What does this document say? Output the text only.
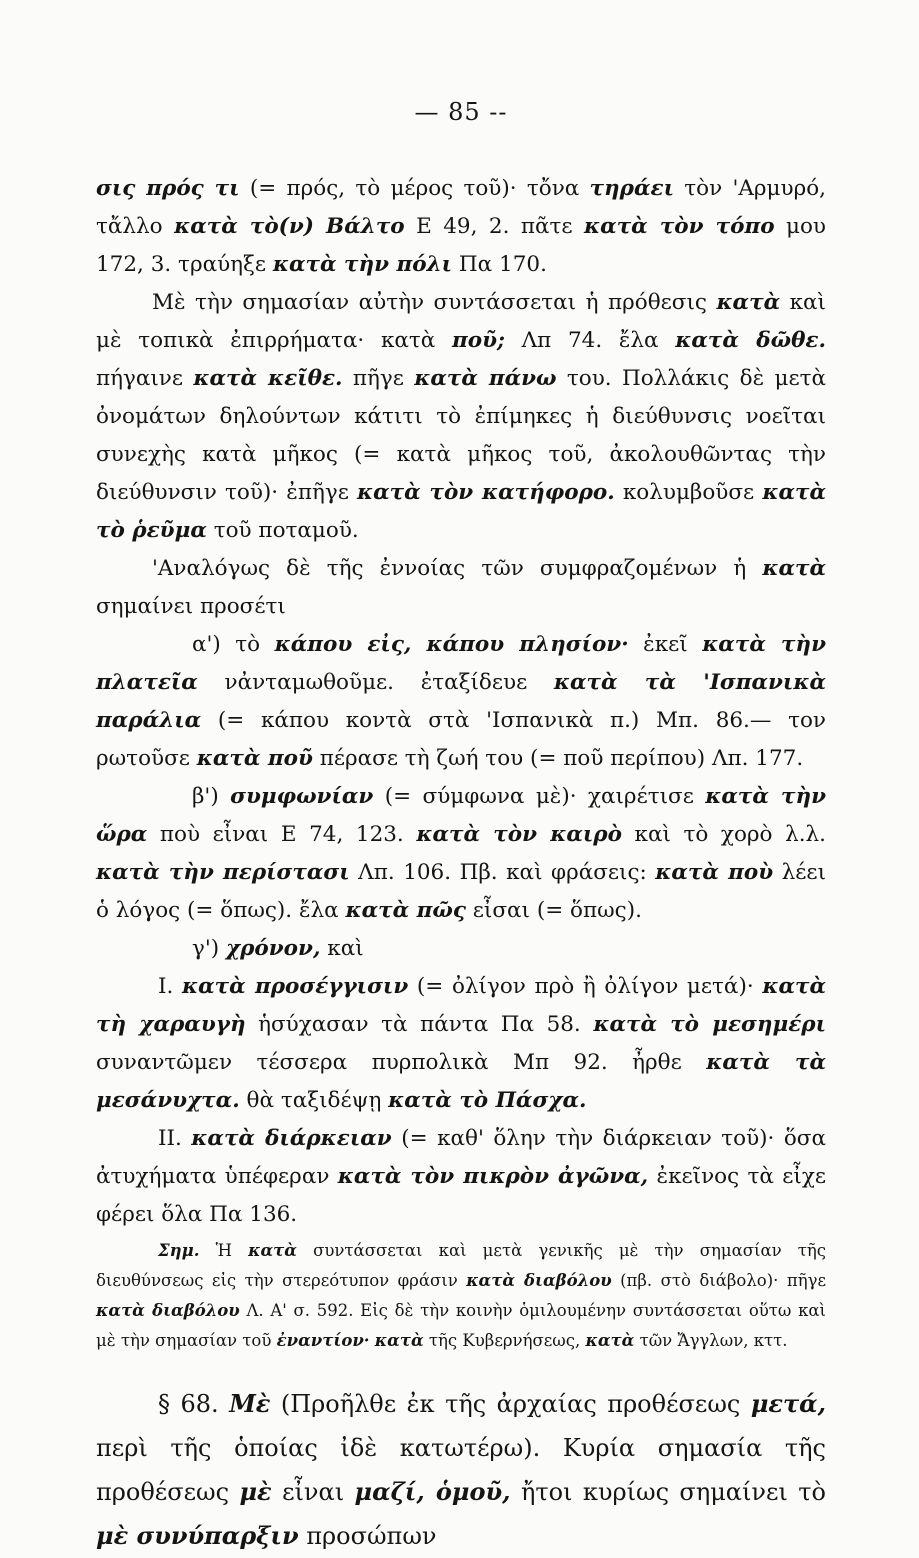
— 85 --

σις πρός τι (= πρός, τὸ μέρος τοῦ)· τὄνα τηράει τὸν 'Αρμυρό, τἄλλο κατὰ τὸ(ν) Βάλτο Ε 49, 2. πᾶτε κατὰ τὸν τόπο μου 172, 3. τραύηξε κατὰ τὴν πόλι Πα 170.

Μὲ τὴν σημασίαν αὐτὴν συντάσσεται ἡ πρόθεσις κατὰ καὶ μὲ τοπικὰ ἐπιρρήματα· κατὰ ποῦ; Λπ 74. ἔλα κατὰ δῶθε. πήγαινε κατὰ κεῖθε. πῆγε κατὰ πάνω του. Πολλάκις δὲ μετὰ ὀνομάτων δηλούντων κάτιτι τὸ ἐπίμηκες ἡ διεύθυνσις νοεῖται συνεχὴς κατὰ μῆκος (= κατὰ μῆκος τοῦ, ἀκολουθῶντας τὴν διεύθυνσιν τοῦ)· ἐπῆγε κατὰ τὸν κατήφορο. κολυμβοῦσε κατὰ τὸ ῥεῦμα τοῦ ποταμοῦ.

'Αναλόγως δὲ τῆς ἐννοίας τῶν συμφραζομένων ἡ κατὰ σημαίνει προσέτι

α') τὸ κάπου εἰς, κάπου πλησίον· ἐκεῖ κατὰ τὴν πλατεῖα νἀνταμωθοῦμε. ἐταξίδευε κατὰ τὰ 'Ισπανικὰ παράλια (= κάπου κοντὰ στὰ 'Ισπανικὰ π.) Μπ. 86.— τον ρωτοῦσε κατὰ ποῦ πέρασε τὴ ζωή του (= ποῦ περίπου) Λπ. 177.

β') συμφωνίαν (= σύμφωνα μὲ)· χαιρέτισε κατὰ τὴν ὥρα ποὺ εἶναι Ε 74, 123. κατὰ τὸν καιρὸ καὶ τὸ χορὸ λ.λ. κατὰ τὴν περίστασι Λπ. 106. Πβ. καὶ φράσεις: κατὰ ποὺ λέει ὁ λόγος (= ὅπως). ἔλα κατὰ πῶς εἶσαι (= ὅπως).

γ') χρόνον, καὶ

I. κατὰ προσέγγισιν (= ὀλίγον πρὸ ἢ ὀλίγον μετά)· κατὰ τὴ χαραυγὴ ἡσύχασαν τὰ πάντα Πα 58. κατὰ τὸ μεσημέρι συναντῶμεν τέσσερα πυρπολικὰ Μπ 92. ἦρθε κατὰ τὰ μεσάνυχτα. θὰ ταξιδέψῃ κατὰ τὸ Πάσχα.

II. κατὰ διάρκειαν (= καθ' ὅλην τὴν διάρκειαν τοῦ)· ὅσα ἀτυχήματα ὑπέφεραν κατὰ τὸν πικρὸν ἀγῶνα, ἐκεῖνος τὰ εἶχε φέρει ὅλα Πα 136.

Σημ. Ἡ κατὰ συντάσσεται καὶ μετὰ γενικῆς μὲ τὴν σημασίαν τῆς διευθύνσεως εἰς τὴν στερεότυπον φράσιν κατὰ διαβόλου (πβ. στὸ διάβολο)· πῆγε κατὰ διαβόλου Λ. Α' σ. 592. Εἰς δὲ τὴν κοινὴν ὁμιλουμένην συντάσσεται οὕτω καὶ μὲ τὴν σημασίαν τοῦ ἐναντίον· κατὰ τῆς Κυβερνήσεως, κατὰ τῶν Ἄγγλων, κττ.

§ 68. Μὲ (Προῆλθε ἐκ τῆς ἀρχαίας προθέσεως μετά, περὶ τῆς ὁποίας ἰδὲ κατωτέρω). Κυρία σημασία τῆς προθέσεως μὲ εἶναι μαζί, ὁμοῦ, ἤτοι κυρίως σημαίνει τὸ μὲ συνύπαρξιν προσώπων
